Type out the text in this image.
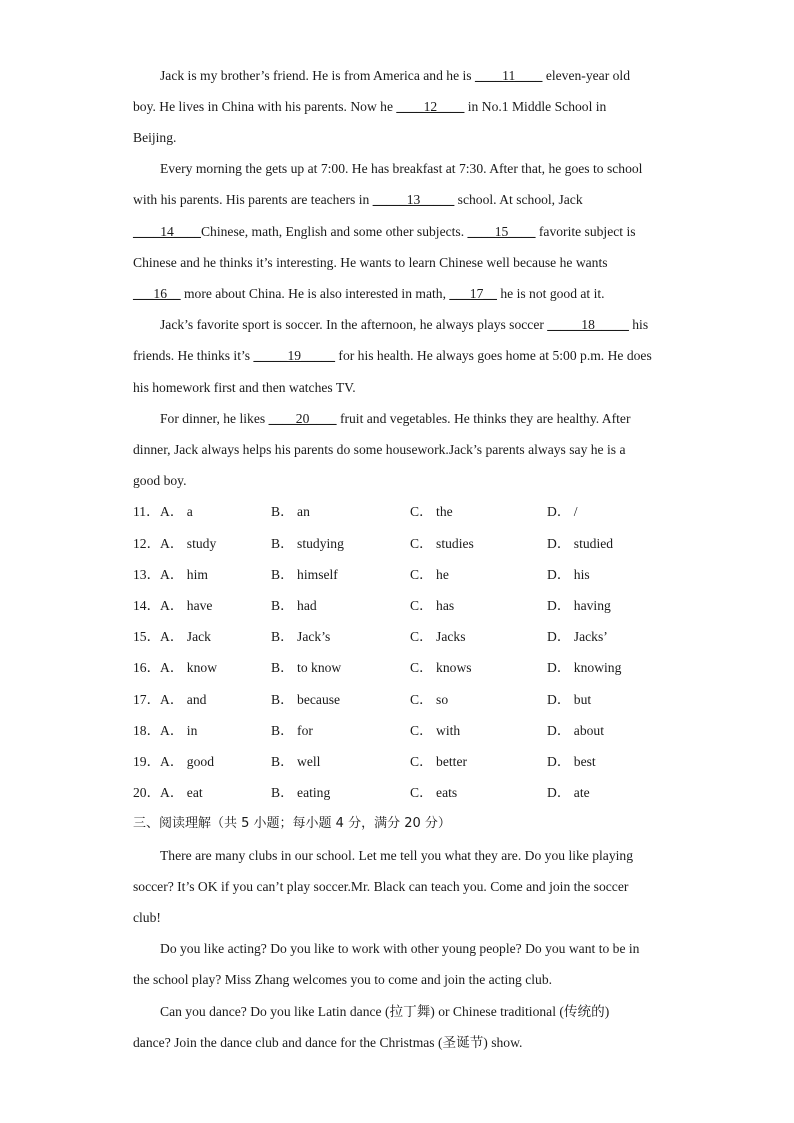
Jack is my brother’s friend. He is from America and he is ____11____ eleven-year old
boy. He lives in China with his parents. Now he ____12____ in No.1 Middle School in
Beijing.
Every morning the gets up at 7:00. He has breakfast at 7:30. After that, he goes to school
with his parents. His parents are teachers in _____13_____ school. At school, Jack
____14____Chinese, math, English and some other subjects. ____15____ favorite subject is
Chinese and he thinks it’s interesting. He wants to learn Chinese well because he wants
___16__ more about China. He is also interested in math, ___17__ he is not good at it.
Jack’s favorite sport is soccer. In the afternoon, he always plays soccer _____18_____ his
friends. He thinks it’s _____19_____ for his health. He always goes home at 5:00 p.m. He does
his homework first and then watches TV.
For dinner, he likes ____20____ fruit and vegetables. He thinks they are healthy. After
dinner, Jack always helps his parents do some housework.Jack’s parents always say he is a
good boy.
11． A． a	B． an	C． the	D． /
12． A． study	B． studying	C． studies	D． studied
13． A． him	B． himself	C． he	D． his
14． A． have	B． had	C． has	D． having
15． A． Jack	B． Jack’s	C． Jacks	D． Jacks’
16． A． know	B． to know	C． knows	D． knowing
17． A． and	B． because	C． so	D． but
18． A． in	B． for	C． with	D． about
19． A． good	B． well	C． better	D． best
20． A． eat	B． eating	C． eats	D． ate
三、阅读理解（共 5 小题；每小题 4 分，满分 20 分）
There are many clubs in our school. Let me tell you what they are. Do you like playing
soccer? It’s OK if you can’t play soccer.Mr. Black can teach you. Come and join the soccer
club!
Do you like acting? Do you like to work with other young people? Do you want to be in
the school play? Miss Zhang welcomes you to come and join the acting club.
Can you dance? Do you like Latin dance (拉丁舞) or Chinese traditional (传统的)
dance? Join the dance club and dance for the Christmas (圣诞节) show.
